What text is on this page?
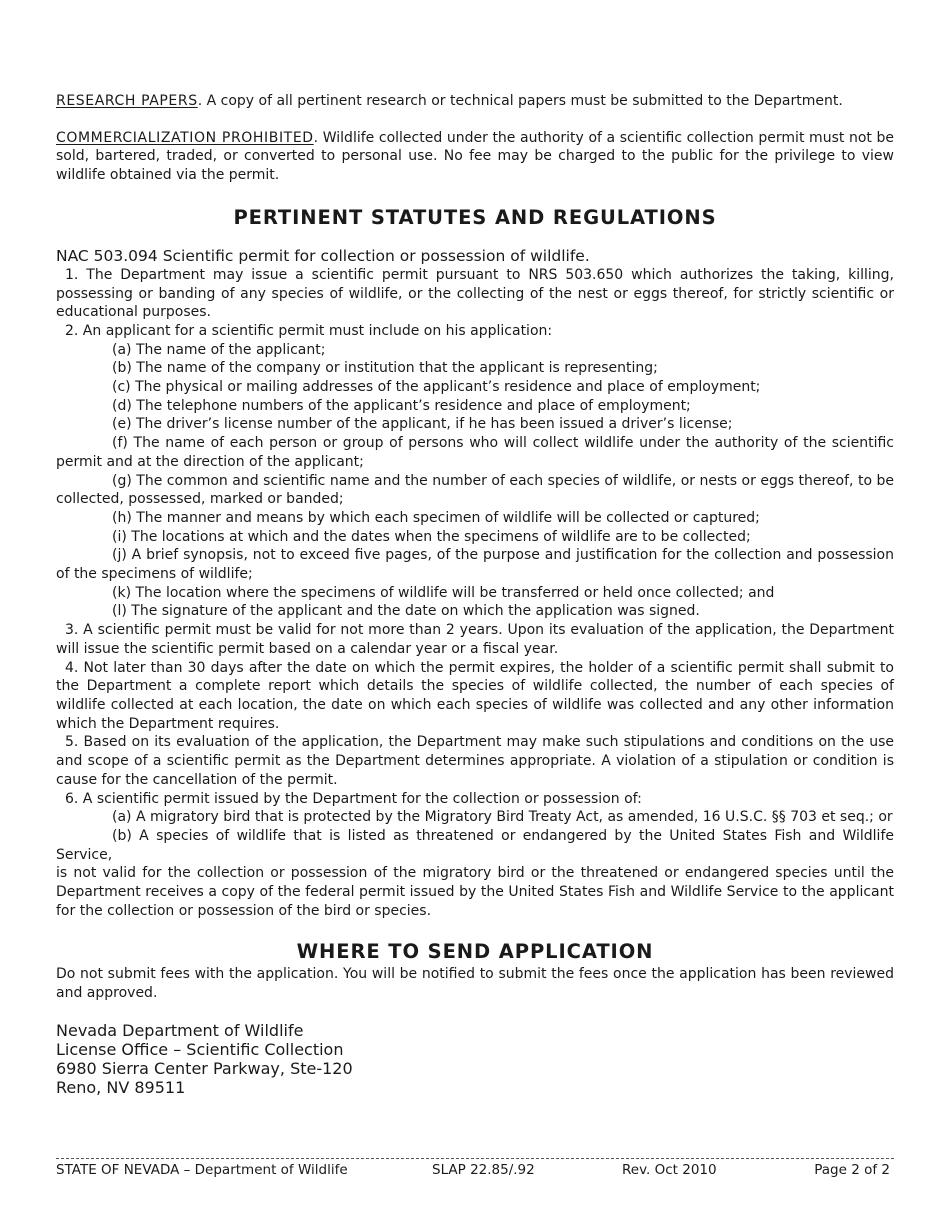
RESEARCH PAPERS. A copy of all pertinent research or technical papers must be submitted to the Department.

COMMERCIALIZATION PROHIBITED. Wildlife collected under the authority of a scientific collection permit must not be sold, bartered, traded, or converted to personal use. No fee may be charged to the public for the privilege to view wildlife obtained via the permit.

PERTINENT STATUTES AND REGULATIONS

NAC 503.094 Scientific permit for collection or possession of wildlife.

1. The Department may issue a scientific permit pursuant to NRS 503.650 which authorizes the taking, killing, possessing or banding of any species of wildlife, or the collecting of the nest or eggs thereof, for strictly scientific or educational purposes.

2. An applicant for a scientific permit must include on his application:

(a) The name of the applicant;

(b) The name of the company or institution that the applicant is representing;

(c) The physical or mailing addresses of the applicant’s residence and place of employment;

(d) The telephone numbers of the applicant’s residence and place of employment;

(e) The driver’s license number of the applicant, if he has been issued a driver’s license;

(f) The name of each person or group of persons who will collect wildlife under the authority of the scientific permit and at the direction of the applicant;

(g) The common and scientific name and the number of each species of wildlife, or nests or eggs thereof, to be collected, possessed, marked or banded;

(h) The manner and means by which each specimen of wildlife will be collected or captured;

(i) The locations at which and the dates when the specimens of wildlife are to be collected;

(j) A brief synopsis, not to exceed five pages, of the purpose and justification for the collection and possession of the specimens of wildlife;

(k) The location where the specimens of wildlife will be transferred or held once collected; and

(l) The signature of the applicant and the date on which the application was signed.

3. A scientific permit must be valid for not more than 2 years. Upon its evaluation of the application, the Department will issue the scientific permit based on a calendar year or a fiscal year.

4. Not later than 30 days after the date on which the permit expires, the holder of a scientific permit shall submit to the Department a complete report which details the species of wildlife collected, the number of each species of wildlife collected at each location, the date on which each species of wildlife was collected and any other information which the Department requires.

5. Based on its evaluation of the application, the Department may make such stipulations and conditions on the use and scope of a scientific permit as the Department determines appropriate. A violation of a stipulation or condition is cause for the cancellation of the permit.

6. A scientific permit issued by the Department for the collection or possession of:

(a) A migratory bird that is protected by the Migratory Bird Treaty Act, as amended, 16 U.S.C. §§ 703 et seq.; or

(b) A species of wildlife that is listed as threatened or endangered by the United States Fish and Wildlife Service,

is not valid for the collection or possession of the migratory bird or the threatened or endangered species until the Department receives a copy of the federal permit issued by the United States Fish and Wildlife Service to the applicant for the collection or possession of the bird or species.

WHERE TO SEND APPLICATION

Do not submit fees with the application. You will be notified to submit the fees once the application has been reviewed and approved.

Nevada Department of Wildlife

License Office – Scientific Collection

6980 Sierra Center Parkway, Ste-120

Reno, NV 89511

STATE OF NEVADA – Department of Wildlife	SLAP 22.85/.92	Rev. Oct 2010	Page 2 of 2
